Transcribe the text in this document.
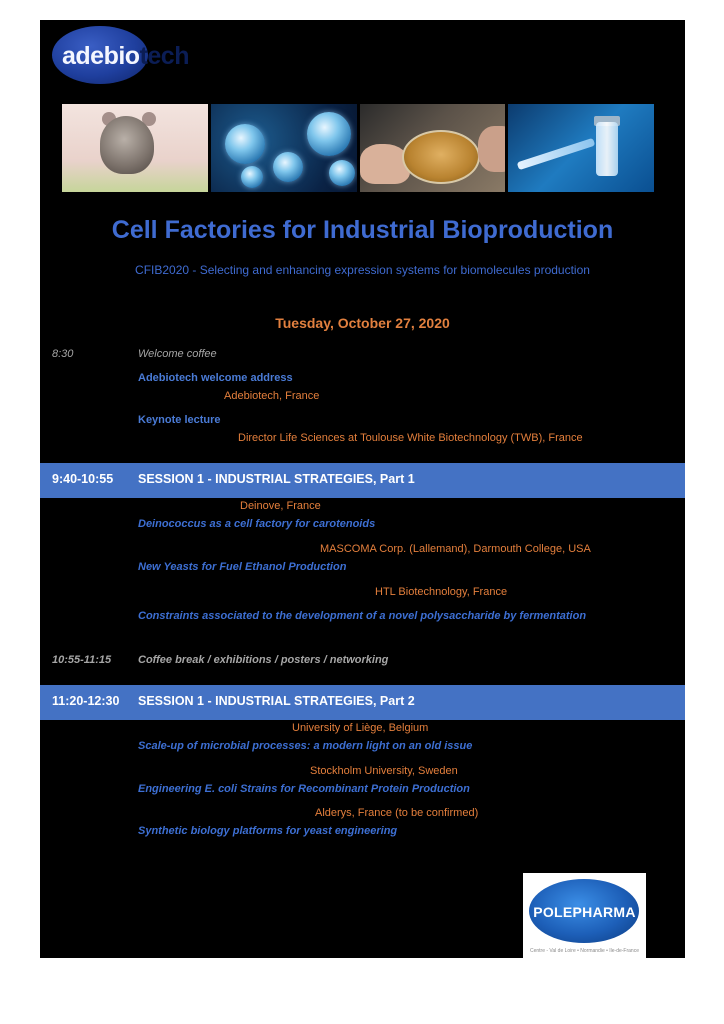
adebiotech
Cell Factories for Industrial Bioproduction
CFIB2020 - Selecting and enhancing expression systems for biomolecules production
Tuesday, October 27, 2020
8:30	Welcome coffee
Adebiotech welcome address
Adebiotech, France
Keynote lecture
Director Life Sciences at Toulouse White Biotechnology (TWB), France
9:40-10:55 SESSION 1 - INDUSTRIAL STRATEGIES, Part 1
Deinove, France
Deinococcus as a cell factory for carotenoids
MASCOMA Corp. (Lallemand), Darmouth College, USA
New Yeasts for Fuel Ethanol Production
HTL Biotechnology, France
Constraints associated to the development of a novel polysaccharide by fermentation
10:55-11:15 Coffee break / exhibitions / posters / networking
11:20-12:30 SESSION 1 - INDUSTRIAL STRATEGIES, Part 2
University of Liège, Belgium
Scale-up of microbial processes: a modern light on an old issue
Stockholm University, Sweden
Engineering E. coli Strains for Recombinant Protein Production
Alderys, France (to be confirmed)
Synthetic biology platforms for yeast engineering
POLEPHARMA
Centre - Val de Loire • Normandie • Ile-de-France
